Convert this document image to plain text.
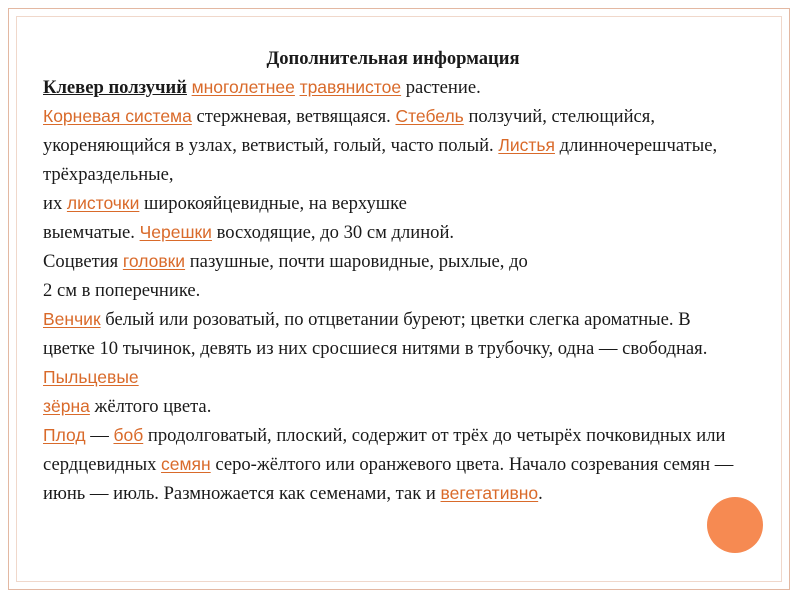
Дополнительная информация

Клевер ползучий многолетнее травянистое растение.
Корневая система стержневая, ветвящаяся. Стебель ползучий, стелющийся, укореняющийся в узлах, ветвистый, голый, часто полый. Листья длинночерешчатые, трёхраздельные,
их листочки широкояйцевидные, на верхушке
выемчатые. Черешки восходящие, до 30 см длиной.
Соцветия головки пазушные, почти шаровидные, рыхлые, до
2 см в поперечнике.

Венчик белый или розоватый, по отцветании буреют; цветки слегка ароматные. В цветке 10 тычинок, девять из них сросшиеся нитями в трубочку, одна — свободная. Пыльцевые
зёрна жёлтого цвета.

Плод — боб продолговатый, плоский, содержит от трёх до четырёх почковидных или сердцевидных семян серо-жёлтого или оранжевого цвета. Начало созревания семян — июнь — июль. Размножается как семенами, так и вегетативно.
